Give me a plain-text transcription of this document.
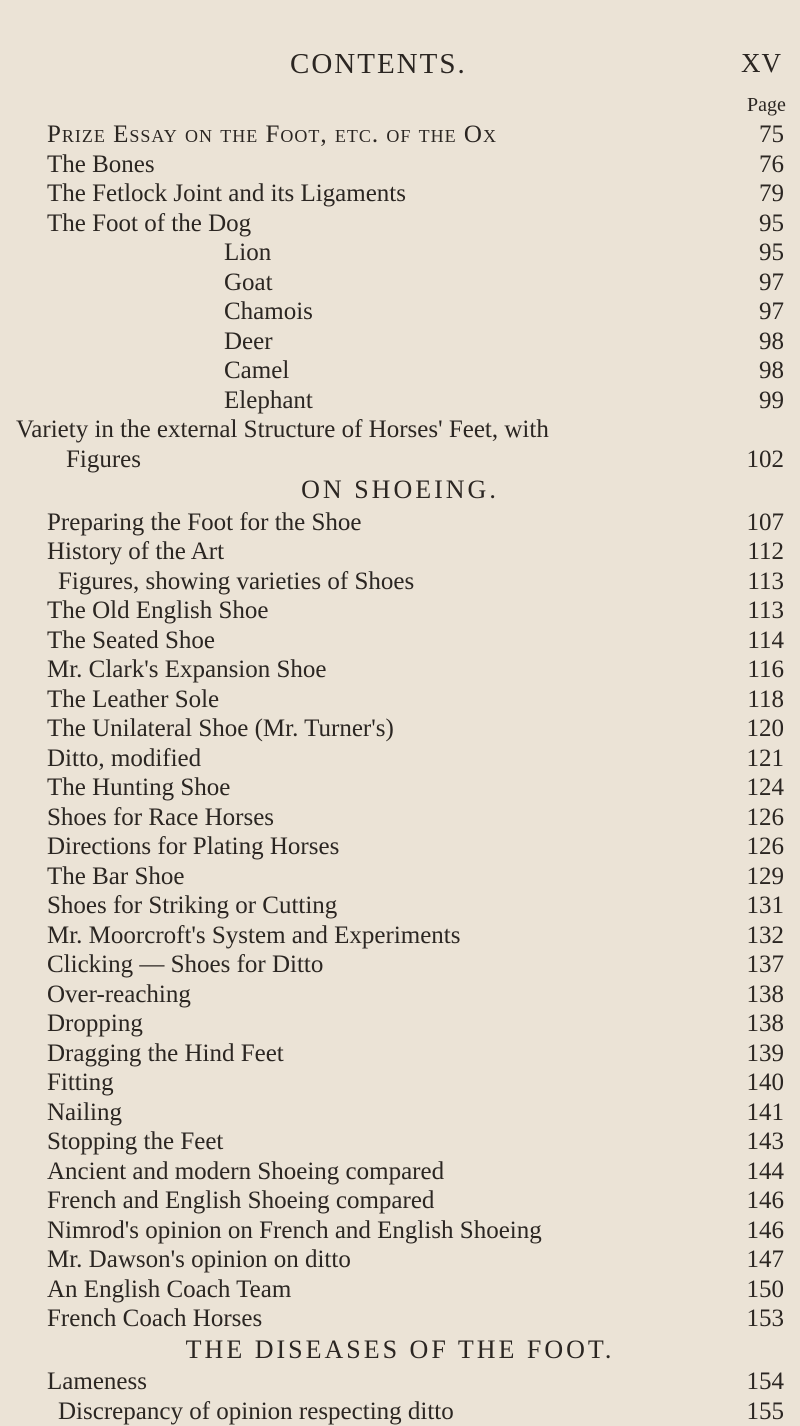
CONTENTS.	XV
Page
Prize Essay on the Foot, etc. of the Ox	75
The Bones	76
The Fetlock Joint and its Ligaments	79
The Foot of the Dog	95
Lion	95
Goat	97
Chamois	97
Deer	98
Camel	98
Elephant	99
Variety in the external Structure of Horses' Feet, with
Figures	102
ON SHOEING.
Preparing the Foot for the Shoe	107
History of the Art	112
Figures, showing varieties of Shoes	113
The Old English Shoe	113
The Seated Shoe	114
Mr. Clark's Expansion Shoe	116
The Leather Sole	118
The Unilateral Shoe (Mr. Turner's)	120
Ditto, modified	121
The Hunting Shoe	124
Shoes for Race Horses	126
Directions for Plating Horses	126
The Bar Shoe	129
Shoes for Striking or Cutting	131
Mr. Moorcroft's System and Experiments	132
Clicking — Shoes for Ditto	137
Over-reaching	138
Dropping	138
Dragging the Hind Feet	139
Fitting	140
Nailing	141
Stopping the Feet	143
Ancient and modern Shoeing compared	144
French and English Shoeing compared	146
Nimrod's opinion on French and English Shoeing	146
Mr. Dawson's opinion on ditto	147
An English Coach Team	150
French Coach Horses	153
Lameness	154
Discrepancy of opinion respecting ditto	155
THE DISEASES OF THE FOOT.
